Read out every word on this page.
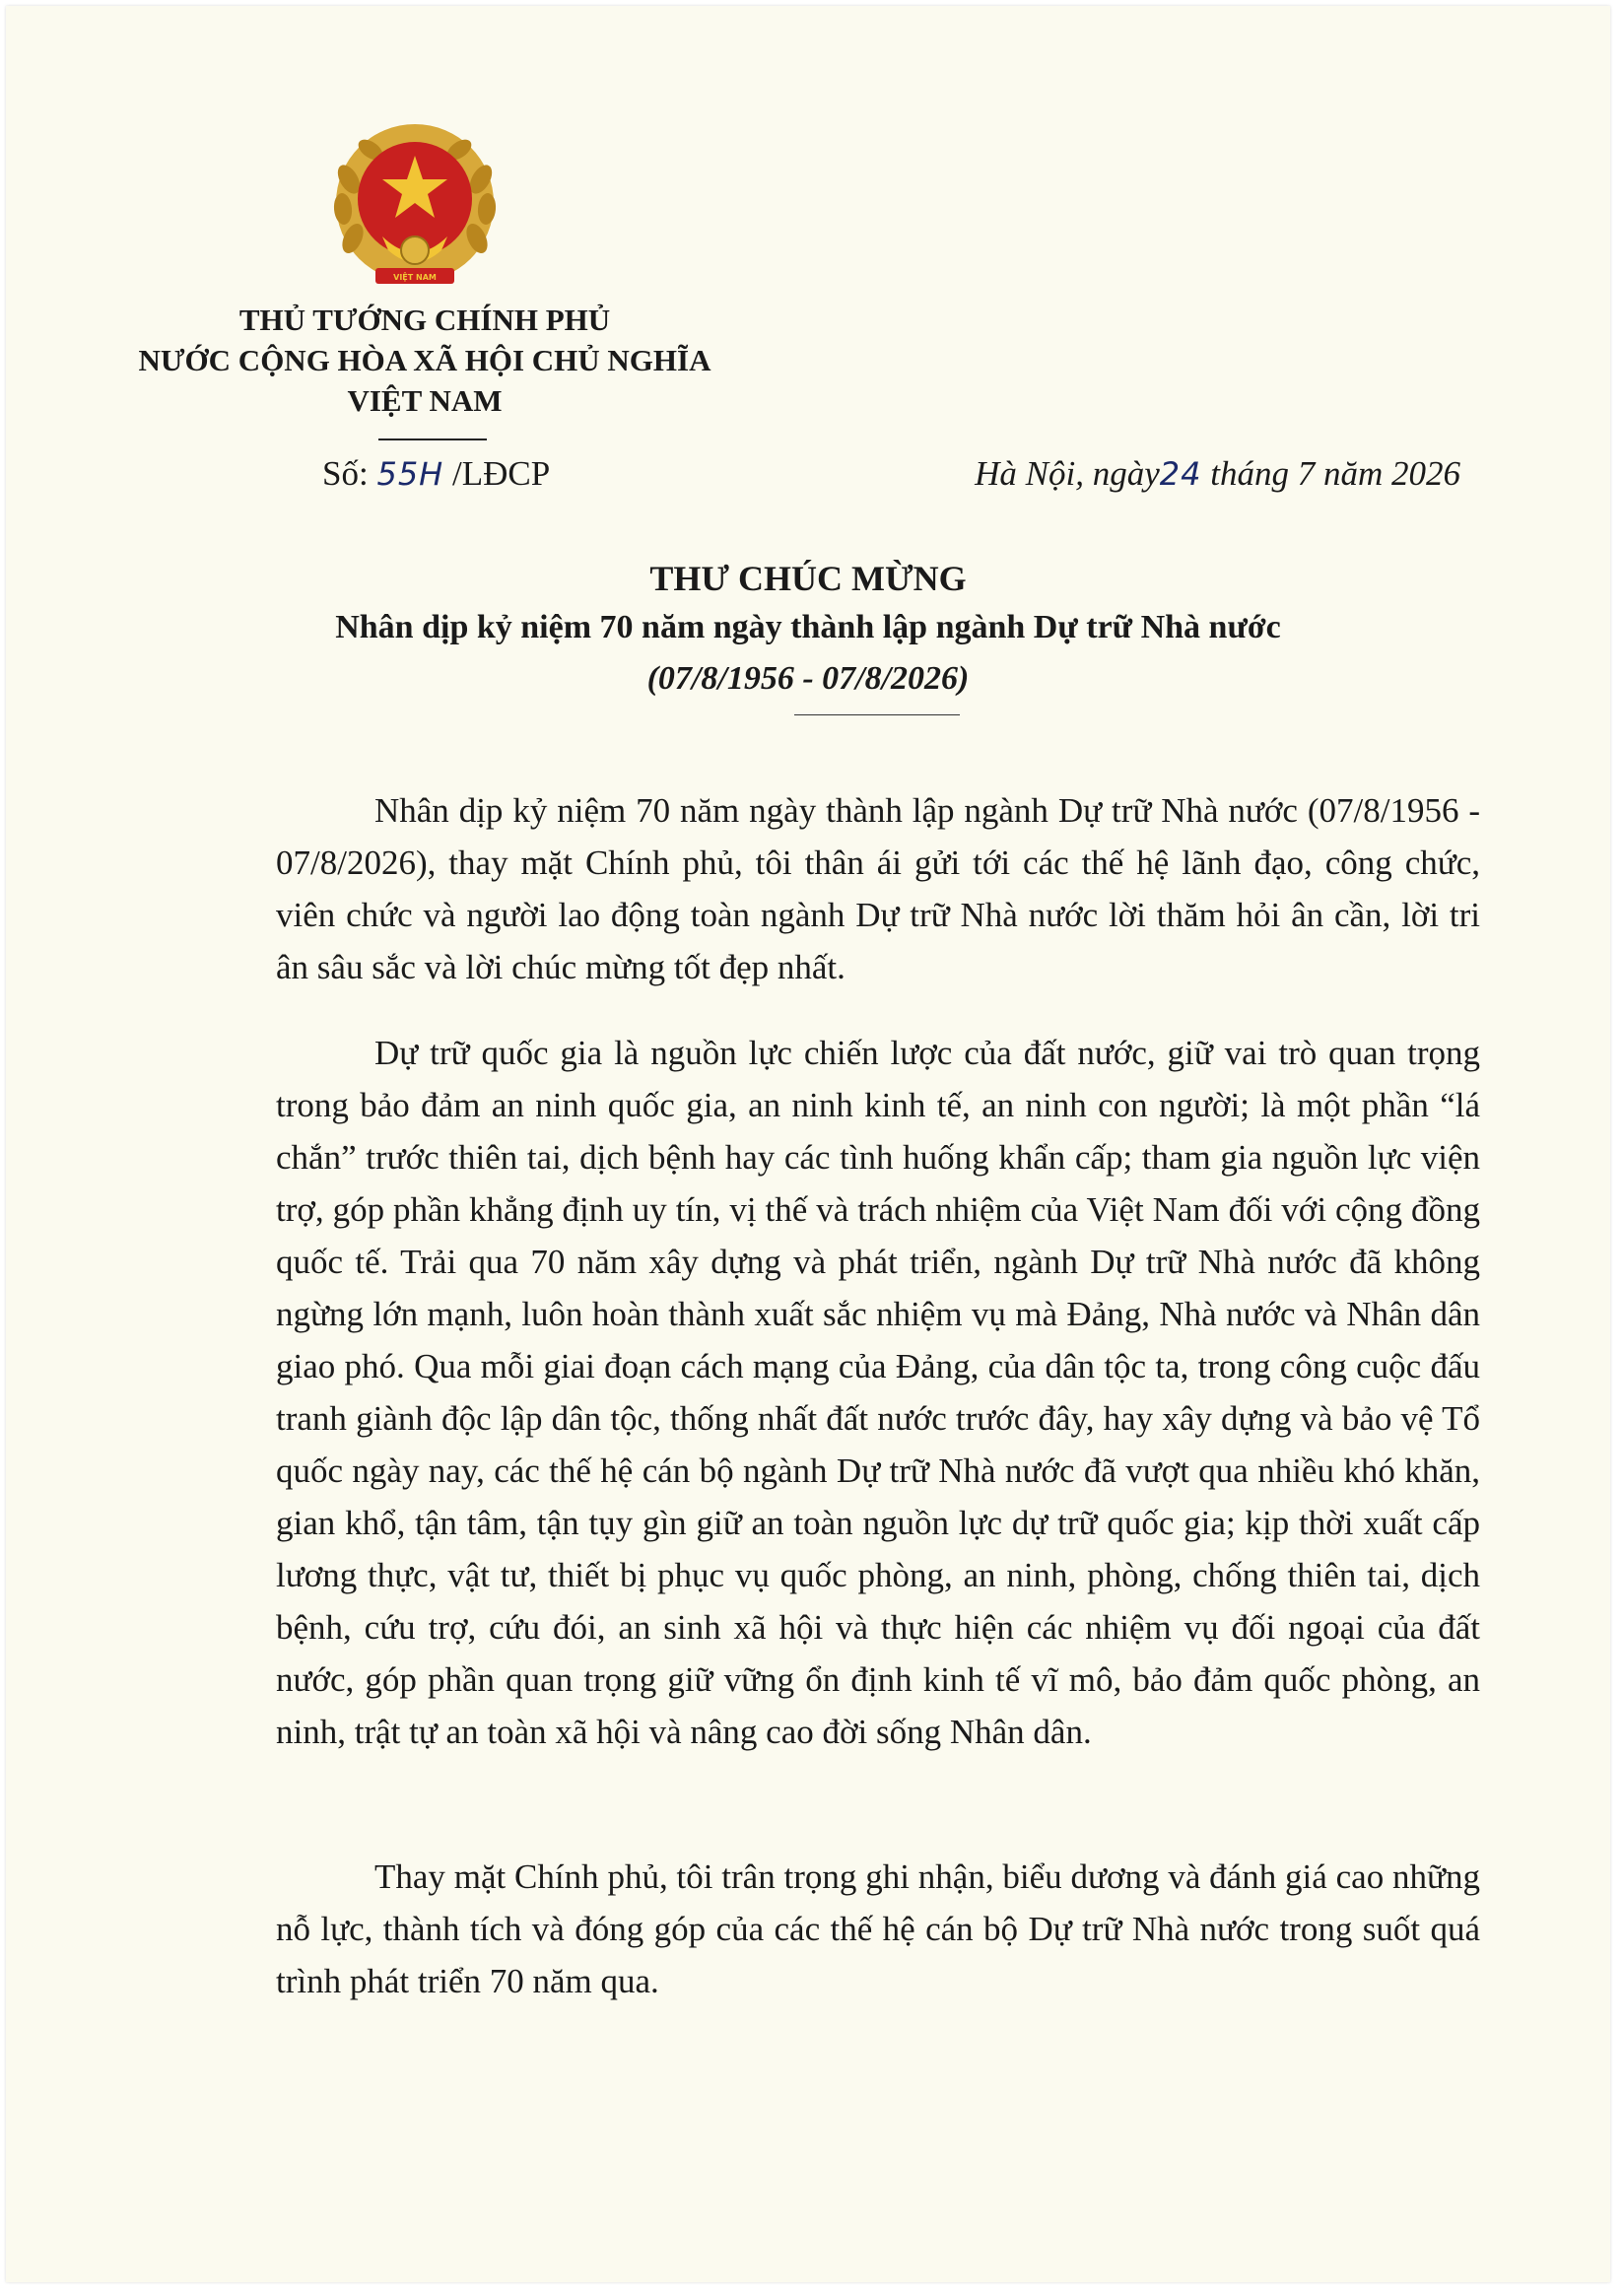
VIỆT NAM
THỦ TƯỚNG CHÍNH PHỦ
NƯỚC CỘNG HÒA XÃ HỘI CHỦ NGHĨA
VIỆT NAM
Số: 55H /LĐCP	Hà Nội, ngày24 tháng 7 năm 2026
THƯ CHÚC MỪNG
Nhân dịp kỷ niệm 70 năm ngày thành lập ngành Dự trữ Nhà nước
(07/8/1956 - 07/8/2026)

Nhân dịp kỷ niệm 70 năm ngày thành lập ngành Dự trữ Nhà nước (07/8/1956 - 07/8/2026), thay mặt Chính phủ, tôi thân ái gửi tới các thế hệ lãnh đạo, công chức, viên chức và người lao động toàn ngành Dự trữ Nhà nước lời thăm hỏi ân cần, lời tri ân sâu sắc và lời chúc mừng tốt đẹp nhất.

Dự trữ quốc gia là nguồn lực chiến lược của đất nước, giữ vai trò quan trọng trong bảo đảm an ninh quốc gia, an ninh kinh tế, an ninh con người; là một phần “lá chắn” trước thiên tai, dịch bệnh hay các tình huống khẩn cấp; tham gia nguồn lực viện trợ, góp phần khẳng định uy tín, vị thế và trách nhiệm của Việt Nam đối với cộng đồng quốc tế. Trải qua 70 năm xây dựng và phát triển, ngành Dự trữ Nhà nước đã không ngừng lớn mạnh, luôn hoàn thành xuất sắc nhiệm vụ mà Đảng, Nhà nước và Nhân dân giao phó. Qua mỗi giai đoạn cách mạng của Đảng, của dân tộc ta, trong công cuộc đấu tranh giành độc lập dân tộc, thống nhất đất nước trước đây, hay xây dựng và bảo vệ Tổ quốc ngày nay, các thế hệ cán bộ ngành Dự trữ Nhà nước đã vượt qua nhiều khó khăn, gian khổ, tận tâm, tận tụy gìn giữ an toàn nguồn lực dự trữ quốc gia; kịp thời xuất cấp lương thực, vật tư, thiết bị phục vụ quốc phòng, an ninh, phòng, chống thiên tai, dịch bệnh, cứu trợ, cứu đói, an sinh xã hội và thực hiện các nhiệm vụ đối ngoại của đất nước, góp phần quan trọng giữ vững ổn định kinh tế vĩ mô, bảo đảm quốc phòng, an ninh, trật tự an toàn xã hội và nâng cao đời sống Nhân dân.

Thay mặt Chính phủ, tôi trân trọng ghi nhận, biểu dương và đánh giá cao những nỗ lực, thành tích và đóng góp của các thế hệ cán bộ Dự trữ Nhà nước trong suốt quá trình phát triển 70 năm qua.
